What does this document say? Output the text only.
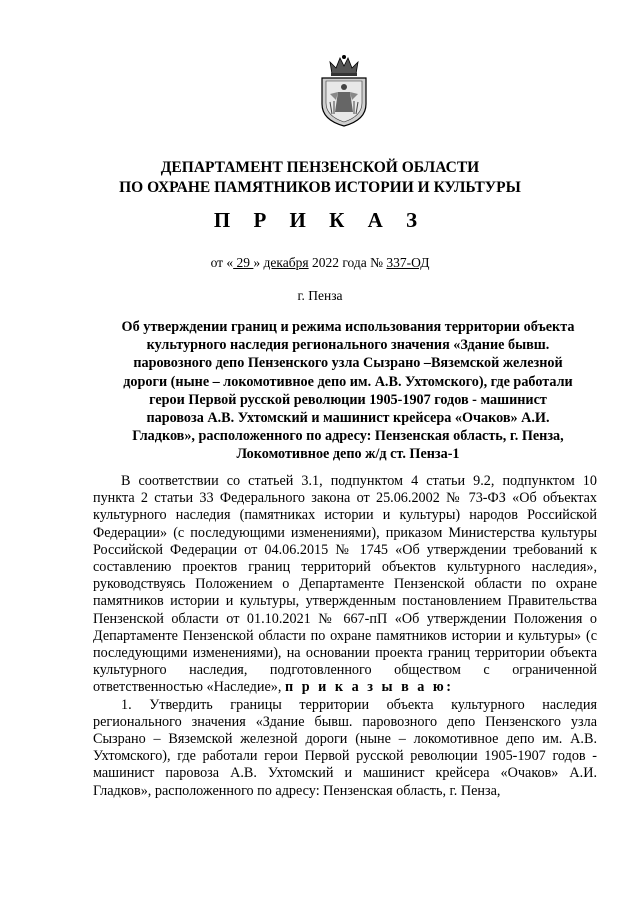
ДЕПАРТАМЕНТ ПЕНЗЕНСКОЙ ОБЛАСТИ
ПО ОХРАНЕ ПАМЯТНИКОВ ИСТОРИИ И КУЛЬТУРЫ
П Р И К А З
от « 29 » декабря 2022 года № 337-ОД
г. Пенза
Об утверждении границ и режима использования территории объекта
культурного наследия регионального значения «Здание бывш.
паровозного депо Пензенского узла Сызрано –Вяземской железной
дороги (ныне – локомотивное депо им. А.В. Ухтомского), где работали
герои Первой русской революции 1905-1907 годов - машинист
паровоза А.В. Ухтомский и машинист крейсера «Очаков» А.И.
Гладков», расположенного по адресу: Пензенская область, г. Пенза,
Локомотивное депо ж/д ст. Пенза-1

В соответствии со статьей 3.1, подпунктом 4 статьи 9.2, подпунктом 10 пункта 2 статьи 33 Федерального закона от 25.06.2002 № 73-ФЗ «Об объектах культурного наследия (памятниках истории и культуры) народов Российской Федерации» (с последующими изменениями), приказом Министерства культуры Российской Федерации от 04.06.2015 № 1745 «Об утверждении требований к составлению проектов границ территорий объектов культурного наследия», руководствуясь Положением о Департаменте Пензенской области по охране памятников истории и культуры, утвержденным постановлением Правительства Пензенской области от 01.10.2021 № 667-пП «Об утверждении Положения о Департаменте Пензенской области по охране памятников истории и культуры» (с последующими изменениями), на основании проекта границ территории объекта культурного наследия, подготовленного обществом с ограниченной ответственностью «Наследие», п р и к а з ы в а ю:

1. Утвердить границы территории объекта культурного наследия регионального значения «Здание бывш. паровозного депо Пензенского узла Сызрано – Вяземской железной дороги (ныне – локомотивное депо им. А.В. Ухтомского), где работали герои Первой русской революции 1905-1907 годов - машинист паровоза А.В. Ухтомский и машинист крейсера «Очаков» А.И. Гладков», расположенного по адресу: Пензенская область, г. Пенза,
